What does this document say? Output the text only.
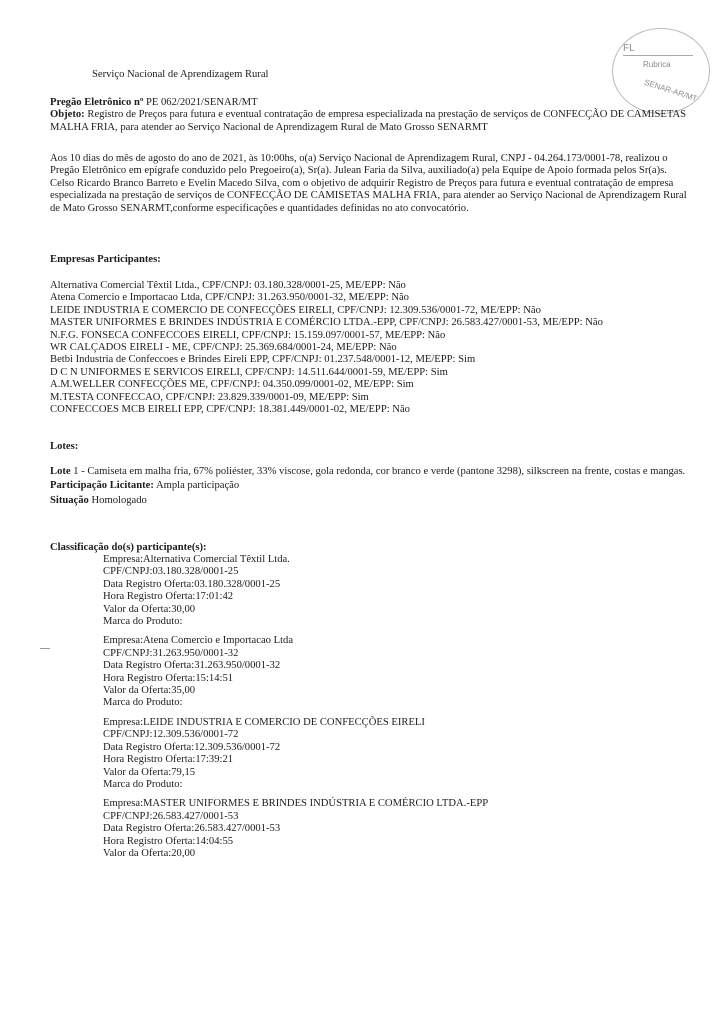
FL
Rubrica
SENAR-AR/MT
Serviço Nacional de Aprendizagem Rural

Pregão Eletrônico nº PE 062/2021/SENAR/MT

Objeto: Registro de Preços para futura e eventual contratação de empresa especializada na prestação de serviços de CONFECÇÃO DE CAMISETAS MALHA FRIA, para atender ao Serviço Nacional de Aprendizagem Rural de Mato Grosso SENARMT

Aos 10 dias do mês de agosto do ano de 2021, às 10:00hs, o(a) Serviço Nacional de Aprendizagem Rural, CNPJ - 04.264.173/0001-78, realizou o Pregão Eletrônico em epígrafe conduzido pelo Pregoeiro(a), Sr(a). Julean Faria da Silva, auxiliado(a) pela Equipe de Apoio formada pelos Sr(a)s. Celso Ricardo Branco Barreto e Evelin Macedo Silva, com o objetivo de adquirir Registro de Preços para futura e eventual contratação de empresa especializada na prestação de serviços de CONFECÇÃO DE CAMISETAS MALHA FRIA, para atender ao Serviço Nacional de Aprendizagem Rural de Mato Grosso SENARMT,conforme especificações e quantidades definidas no ato convocatório.
Empresas Participantes:
Alternativa Comercial Têxtil Ltda., CPF/CNPJ: 03.180.328/0001-25, ME/EPP: Não
Atena Comercio e Importacao Ltda, CPF/CNPJ: 31.263.950/0001-32, ME/EPP: Não
LEIDE INDUSTRIA E COMERCIO DE CONFECÇÕES EIRELI, CPF/CNPJ: 12.309.536/0001-72, ME/EPP: Não
MASTER UNIFORMES E BRINDES INDÚSTRIA E COMÉRCIO LTDA.-EPP, CPF/CNPJ: 26.583.427/0001-53, ME/EPP: Não
N.F.G. FONSECA CONFECCOES EIRELI, CPF/CNPJ: 15.159.097/0001-57, ME/EPP: Não
WR CALÇADOS EIRELI - ME, CPF/CNPJ: 25.369.684/0001-24, ME/EPP: Não
Betbi Industria de Confeccoes e Brindes Eireli EPP, CPF/CNPJ: 01.237.548/0001-12, ME/EPP: Sim
D C N UNIFORMES E SERVICOS EIRELI, CPF/CNPJ: 14.511.644/0001-59, ME/EPP: Sim
A.M.WELLER CONFECÇÕES ME, CPF/CNPJ: 04.350.099/0001-02, ME/EPP: Sim
M.TESTA CONFECCAO, CPF/CNPJ: 23.829.339/0001-09, ME/EPP: Sim
CONFECCOES MCB EIRELI EPP, CPF/CNPJ: 18.381.449/0001-02, ME/EPP: Não
Lotes:

Lote 1 - Camiseta em malha fria, 67% poliéster, 33% viscose, gola redonda, cor branco e verde (pantone 3298), silkscreen na frente, costas e mangas.

Participação Licitante: Ampla participação

Situação Homologado

Classificação do(s) participante(s):
Empresa:Alternativa Comercial Têxtil Ltda.
CPF/CNPJ:03.180.328/0001-25
Data Registro Oferta:03.180.328/0001-25
Hora Registro Oferta:17:01:42
Valor da Oferta:30,00
Marca do Produto:
Empresa:Atena Comercio e Importacao Ltda
CPF/CNPJ:31.263.950/0001-32
Data Registro Oferta:31.263.950/0001-32
Hora Registro Oferta:15:14:51
Valor da Oferta:35,00
Marca do Produto:
Empresa:LEIDE INDUSTRIA E COMERCIO DE CONFECÇÕES EIRELI
CPF/CNPJ:12.309.536/0001-72
Data Registro Oferta:12.309.536/0001-72
Hora Registro Oferta:17:39:21
Valor da Oferta:79,15
Marca do Produto:
Empresa:MASTER UNIFORMES E BRINDES INDÚSTRIA E COMÉRCIO LTDA.-EPP
CPF/CNPJ:26.583.427/0001-53
Data Registro Oferta:26.583.427/0001-53
Hora Registro Oferta:14:04:55
Valor da Oferta:20,00
